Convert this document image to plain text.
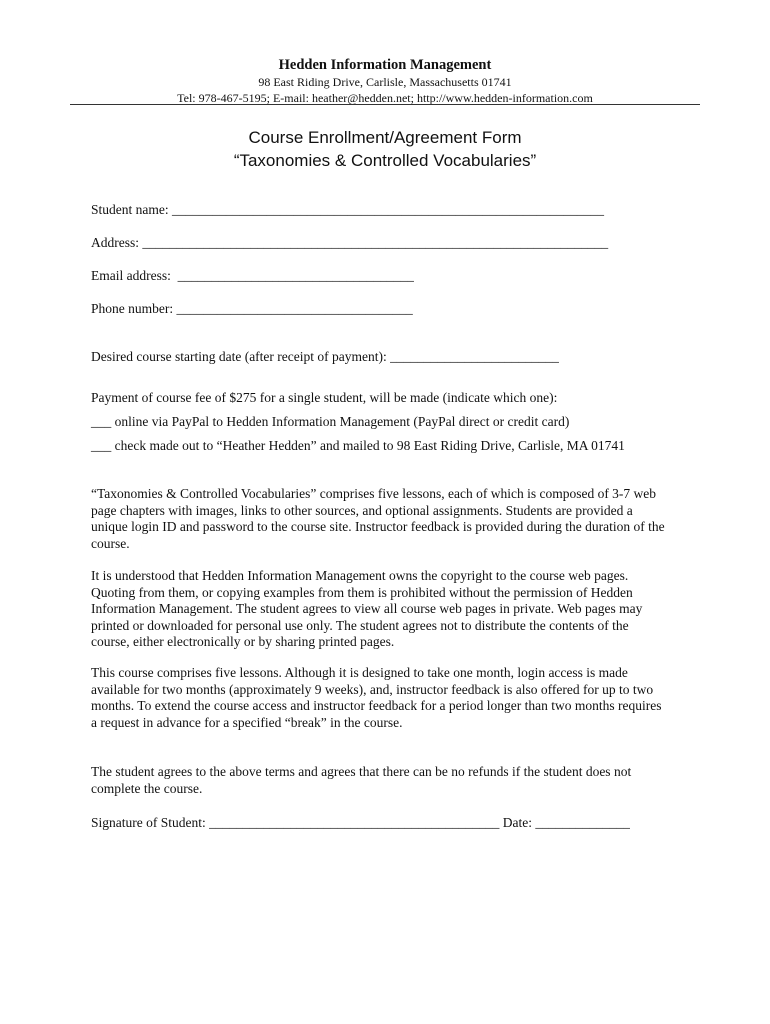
Hedden Information Management
98 East Riding Drive, Carlisle, Massachusetts 01741
Tel: 978-467-5195; E-mail: heather@hedden.net; http://www.hedden-information.com
Course Enrollment/Agreement Form
“Taxonomies & Controlled Vocabularies”
Student name: ________________________________________________________________
Address: _____________________________________________________________________
Email address:  ___________________________________
Phone number: ___________________________________
Desired course starting date (after receipt of payment): _________________________
Payment of course fee of $275 for a single student, will be made (indicate which one):
___ online via PayPal to Hedden Information Management (PayPal direct or credit card)
___ check made out to “Heather Hedden” and mailed to 98 East Riding Drive, Carlisle, MA 01741
“Taxonomies & Controlled Vocabularies” comprises five lessons, each of which is composed of 3-7 web
page chapters with images, links to other sources, and optional assignments. Students are provided a
unique login ID and password to the course site. Instructor feedback is provided during the duration of the
course.
It is understood that Hedden Information Management owns the copyright to the course web pages.
Quoting from them, or copying examples from them is prohibited without the permission of Hedden
Information Management. The student agrees to view all course web pages in private. Web pages may
printed or downloaded for personal use only. The student agrees not to distribute the contents of the
course, either electronically or by sharing printed pages.
This course comprises five lessons. Although it is designed to take one month, login access is made
available for two months (approximately 9 weeks), and, instructor feedback is also offered for up to two
months. To extend the course access and instructor feedback for a period longer than two months requires
a request in advance for a specified “break” in the course.
The student agrees to the above terms and agrees that there can be no refunds if the student does not
complete the course.
Signature of Student: ___________________________________________ Date: ______________
